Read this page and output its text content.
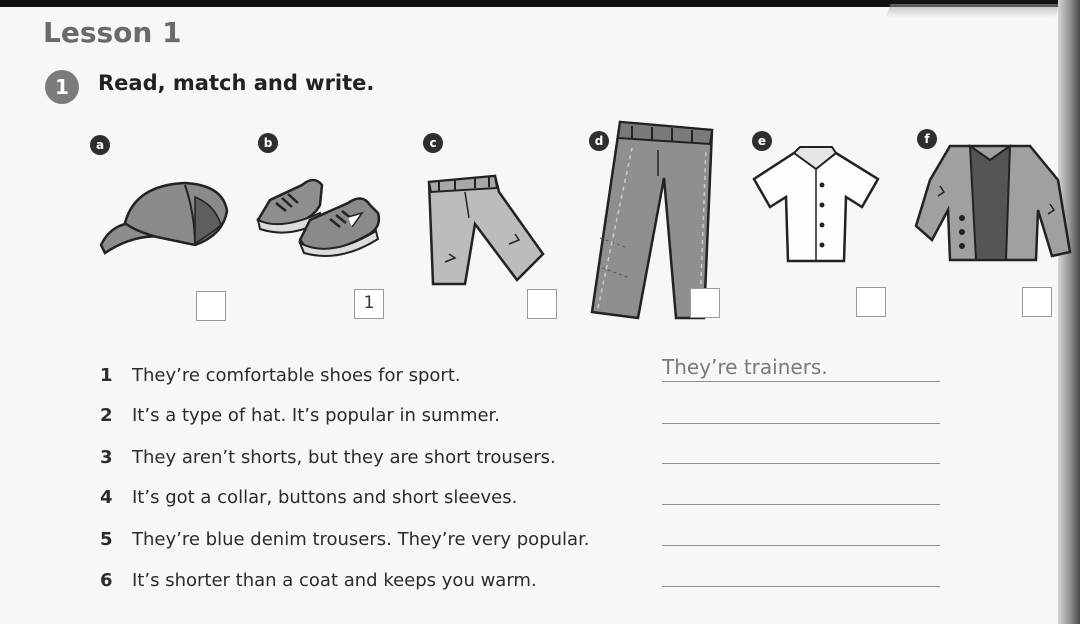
Lesson 1
1	Read, match and write.
a	b	c	d	e	f
1
1 They’re comfortable shoes for sport.	They’re trainers.
2 It’s a type of hat. It’s popular in summer.
3 They aren’t shorts, but they are short trousers.
4 It’s got a collar, buttons and short sleeves.
5 They’re blue denim trousers. They’re very popular.
6 It’s shorter than a coat and keeps you warm.
